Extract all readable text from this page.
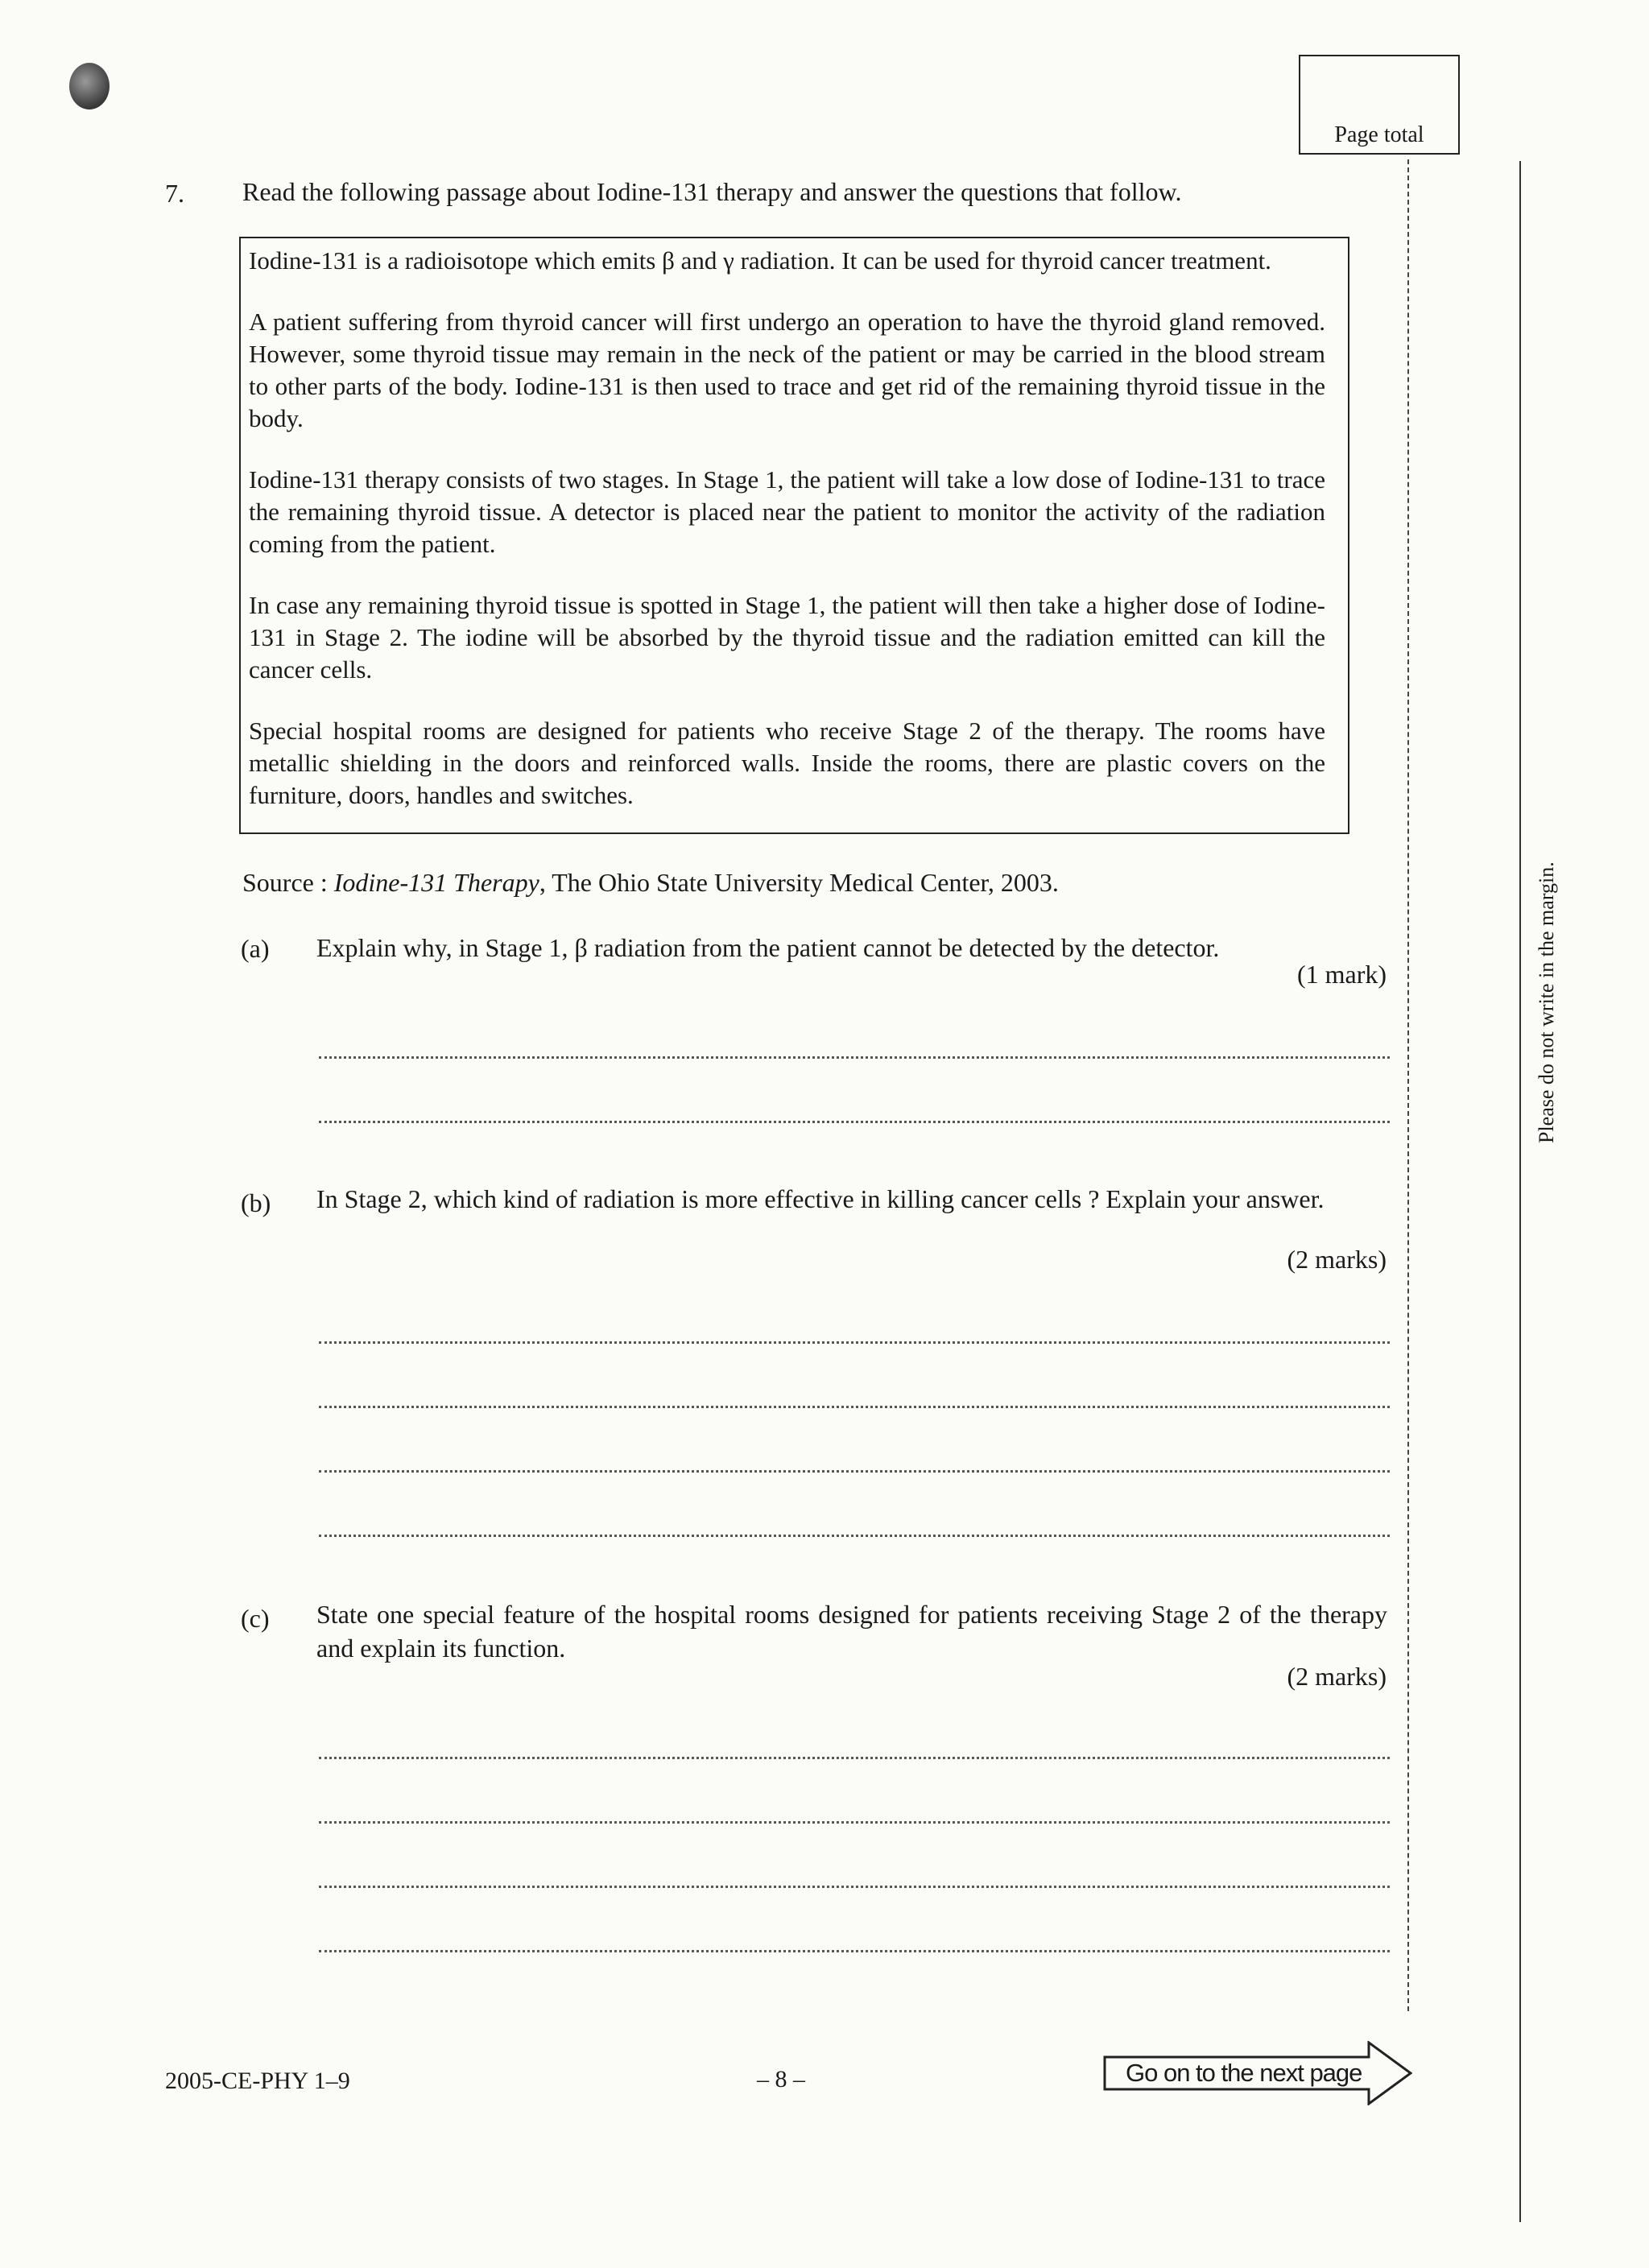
Page total
Please do not write in the margin.
7. Read the following passage about Iodine-131 therapy and answer the questions that follow.

Iodine-131 is a radioisotope which emits β and γ radiation. It can be used for thyroid cancer treatment.

A patient suffering from thyroid cancer will first undergo an operation to have the thyroid gland removed. However, some thyroid tissue may remain in the neck of the patient or may be carried in the blood stream to other parts of the body. Iodine-131 is then used to trace and get rid of the remaining thyroid tissue in the body.

Iodine-131 therapy consists of two stages. In Stage 1, the patient will take a low dose of Iodine-131 to trace the remaining thyroid tissue. A detector is placed near the patient to monitor the activity of the radiation coming from the patient.

In case any remaining thyroid tissue is spotted in Stage 1, the patient will then take a higher dose of Iodine-131 in Stage 2. The iodine will be absorbed by the thyroid tissue and the radiation emitted can kill the cancer cells.

Special hospital rooms are designed for patients who receive Stage 2 of the therapy. The rooms have metallic shielding in the doors and reinforced walls. Inside the rooms, there are plastic covers on the furniture, doors, handles and switches.

Source : Iodine-131 Therapy, The Ohio State University Medical Center, 2003.
(a) Explain why, in Stage 1, β radiation from the patient cannot be detected by the detector.
(1 mark)
(b) In Stage 2, which kind of radiation is more effective in killing cancer cells ? Explain your answer.
(2 marks)
(c) State one special feature of the hospital rooms designed for patients receiving Stage 2 of the therapy and explain its function.
(2 marks)
2005-CE-PHY 1–9	– 8 –	Go on to the next page
